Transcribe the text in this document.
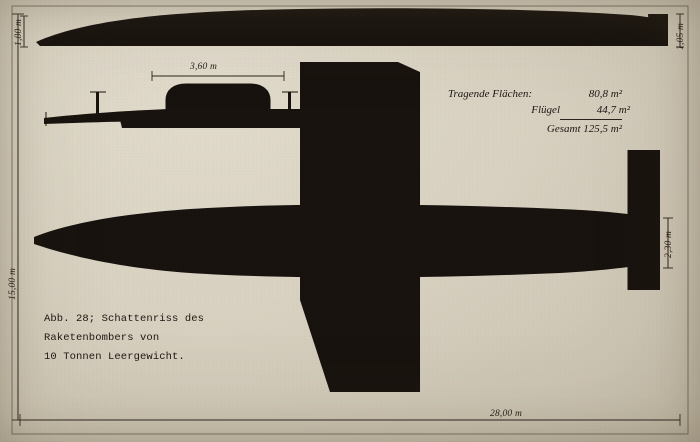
1,80 m	1,05 m
3,60 m
2,30 m
15,00 m
28,00 m
Tragende Flächen:	80,8 m²
Flügel	44,7 m²
Gesamt 125,5 m²
Abb. 28; Schattenriss des
Raketenbombers von
10 Tonnen Leergewicht.
